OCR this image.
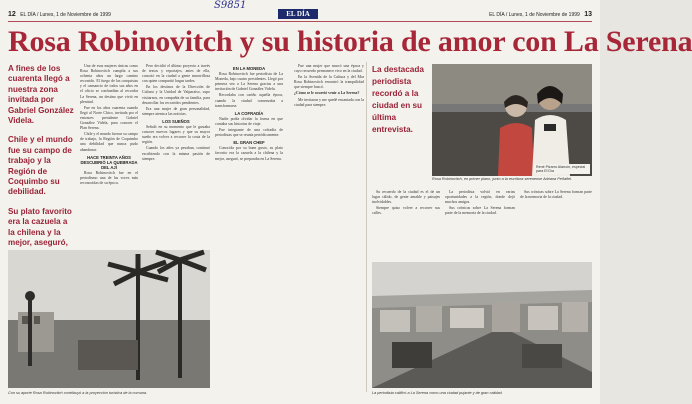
S9851
12 EL DÍA / Lunes, 1 de Noviembre de 1999	EL DÍA	EL DÍA / Lunes, 1 de Noviembre de 1999 13
Rosa Robinovitch y su historia de amor con La Serena

A fines de los cuarenta llegó a nuestra zona invitada por Gabriel González Videla.

Chile y el mundo fue su campo de trabajo y la Región de Coquimbo su debilidad.

Su plato favorito era la cazuela a la chilena y la mejor, aseguró,

Una de esas mujeres únicas como Rosa Robinovitch cumplía a sus ochenta años un largo camino recorrido. El fuego de las conquistas y el cansancio de todos sus años en el oficio se confundían al recordar La Serena, un destino que vivió en plenitud.

Fue en los años cuarenta cuando llegó al Norte Chico, invitada por el entonces presidente Gabriel González Videla, para conocer el Plan Serena.

Chile y el mundo fueron su campo de trabajo, la Región de Coquimbo una debilidad que nunca pudo abandonar.

HACE TREINTA AÑOS DESCUBRIÓ LA QUEBRADA DEL AJÍ

Rosa Robinovitch fue en el periodismo una de las voces más reconocidas de su época.

Pero decidió el último proyecto a través de textos y reportajes, antes de ella, conoció en la ciudad a gente maravillosa con quien compartió largas tardes.

En los destinos de la Dirección de Cultura y la Unidad de Valparaíso, supo visitarnos, en compañía de su familia, para desarrollar los recorridos pendientes.

Era una mujer de gran personalidad, siempre atenta a las noticias.

LOS SUEÑOS

Señaló en su momento que le gustaba conocer nuevos lugares y que su mayor sueño era volver a recorrer la costa de la región.

Cuando los años ya pesaban, continuó escribiendo con la misma pasión de siempre.

EN LA MONEDA

Rosa Robinovitch fue periodista de La Moneda, bajo cuatro presidentes. Llegó por primera vez a La Serena gracias a una invitación de Gabriel González Videla.

Recordaba con cariño aquella época, cuando la ciudad comenzaba a transformarse.

LA COFRADÍA

Nadie podía olvidar la forma en que contaba sus historias de viaje.

Fue integrante de una cofradía de periodistas que se reunía periódicamente.

EL GRAN CHEF

Conocida por su buen gusto, su plato favorito era la cazuela a la chilena y la mejor, aseguró, se preparaba en La Serena.

Fue una mujer que marcó una época y cuyo recuerdo permanece vivo en la ciudad.

En la Avenida de la Cultura y del Mar Rosa Robinovitch encontró la tranquilidad que siempre buscó.

¿Cómo se le ocurrió venir a La Serena?

Me invitaron y me quedé encantada con la ciudad para siempre.

La destacada periodista recordó a la ciudad en su última entrevista.

Su recuerdo de la ciudad es el de un lugar cálido, de gente amable y paisajes inolvidables.

Siempre quiso volver a recorrer sus calles.

La periodista volvió en varias oportunidades a la región, donde dejó muchos amigos.

Sus crónicas sobre La Serena forman parte de la memoria de la ciudad.

Sus crónicas sobre La Serena forman parte de la memoria de la ciudad.

René Pizarro Alarcón, especial para El Día
Rosa Robinovitch, en primer plano, junto a la escritora serenense Adriana Peñafiel.
Con su aporte Rosa Robinovitch contribuyó a la proyección turística de la comuna.	La periodista calificó a La Serena como una ciudad pujante y de gran calidad.
